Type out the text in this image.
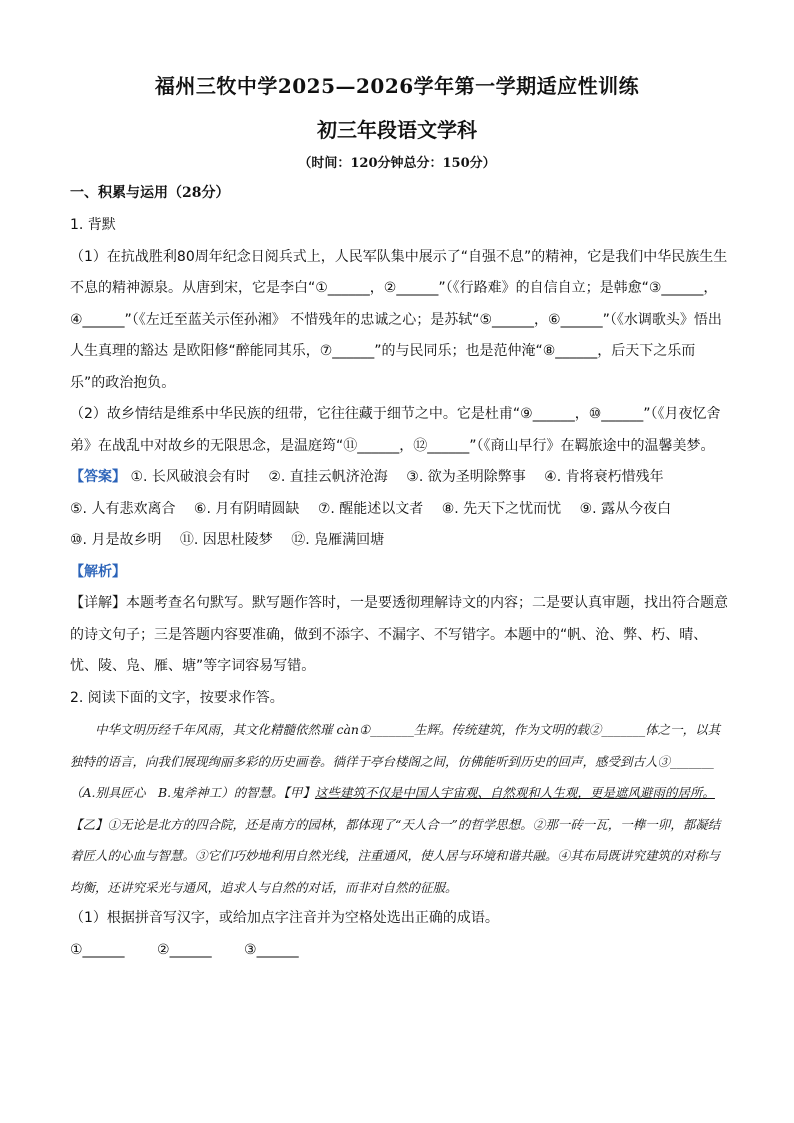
福州三牧中学2025—2026学年第一学期适应性训练
初三年段语文学科
（时间：120分钟总分：150分）
一、积累与运用（28分）

1. 背默

（1）在抗战胜利80周年纪念日阅兵式上，人民军队集中展示了“自强不息”的精神，它是我们中华民族生生不息的精神源泉。从唐到宋，它是李白“①______，②______”（《行路难》的自信自立；是韩愈“③______，④______”（《左迁至蓝关示侄孙湘》 不惜残年的忠诚之心；是苏轼“⑤______，⑥______”（《水调歌头》悟出人生真理的豁达 是欧阳修“醉能同其乐，⑦______”的与民同乐；也是范仲淹“⑧______，后天下之乐而乐”的政治抱负。

（2）故乡情结是维系中华民族的纽带，它往往藏于细节之中。它是杜甫“⑨______，⑩______”（《月夜忆舍弟》在战乱中对故乡的无限思念，是温庭筠“⑪______，⑫______”（《商山早行》在羁旅途中的温馨美梦。

【答案】 ①. 长风破浪会有时　 ②. 直挂云帆济沧海　 ③. 欲为圣明除弊事　 ④. 肯将衰朽惜残年　 ⑤. 人有悲欢离合　 ⑥. 月有阴晴圆缺　 ⑦. 醒能述以文者　 ⑧. 先天下之忧而忧　 ⑨. 露从今夜白　 ⑩. 月是故乡明　 ⑪. 因思杜陵梦　 ⑫. 凫雁满回塘

【解析】

【详解】本题考查名句默写。默写题作答时，一是要透彻理解诗文的内容；二是要认真审题，找出符合题意的诗文句子；三是答题内容要准确，做到不添字、不漏字、不写错字。本题中的“帆、沧、弊、朽、晴、忧、陵、凫、雁、塘”等字词容易写错。

2. 阅读下面的文字，按要求作答。

中华文明历经千年风雨，其文化精髓依然璀 càn①_______生辉。传统建筑，作为文明的载②_______体之一，以其独特的语言，向我们展现绚丽多彩的历史画卷。徜徉于亭台楼阁之间，仿佛能听到历史的回声，感受到古人③_______（A.别具匠心　B.鬼斧神工）的智慧。【甲】这些建筑不仅是中国人宇宙观、自然观和人生观，更是遮风避雨的居所。【乙】①无论是北方的四合院，还是南方的园林，都体现了“天人合一”的哲学思想。②那一砖一瓦，一榫一卯，都凝结着匠人的心血与智慧。③它们巧妙地利用自然光线，注重通风，使人居与环境和谐共融。④其布局既讲究建筑的对称与均衡，还讲究采光与通风，追求人与自然的对话，而非对自然的征服。

（1）根据拼音写汉字，或给加点字注音并为空格处选出正确的成语。

①______　　 ②______　　 ③______
